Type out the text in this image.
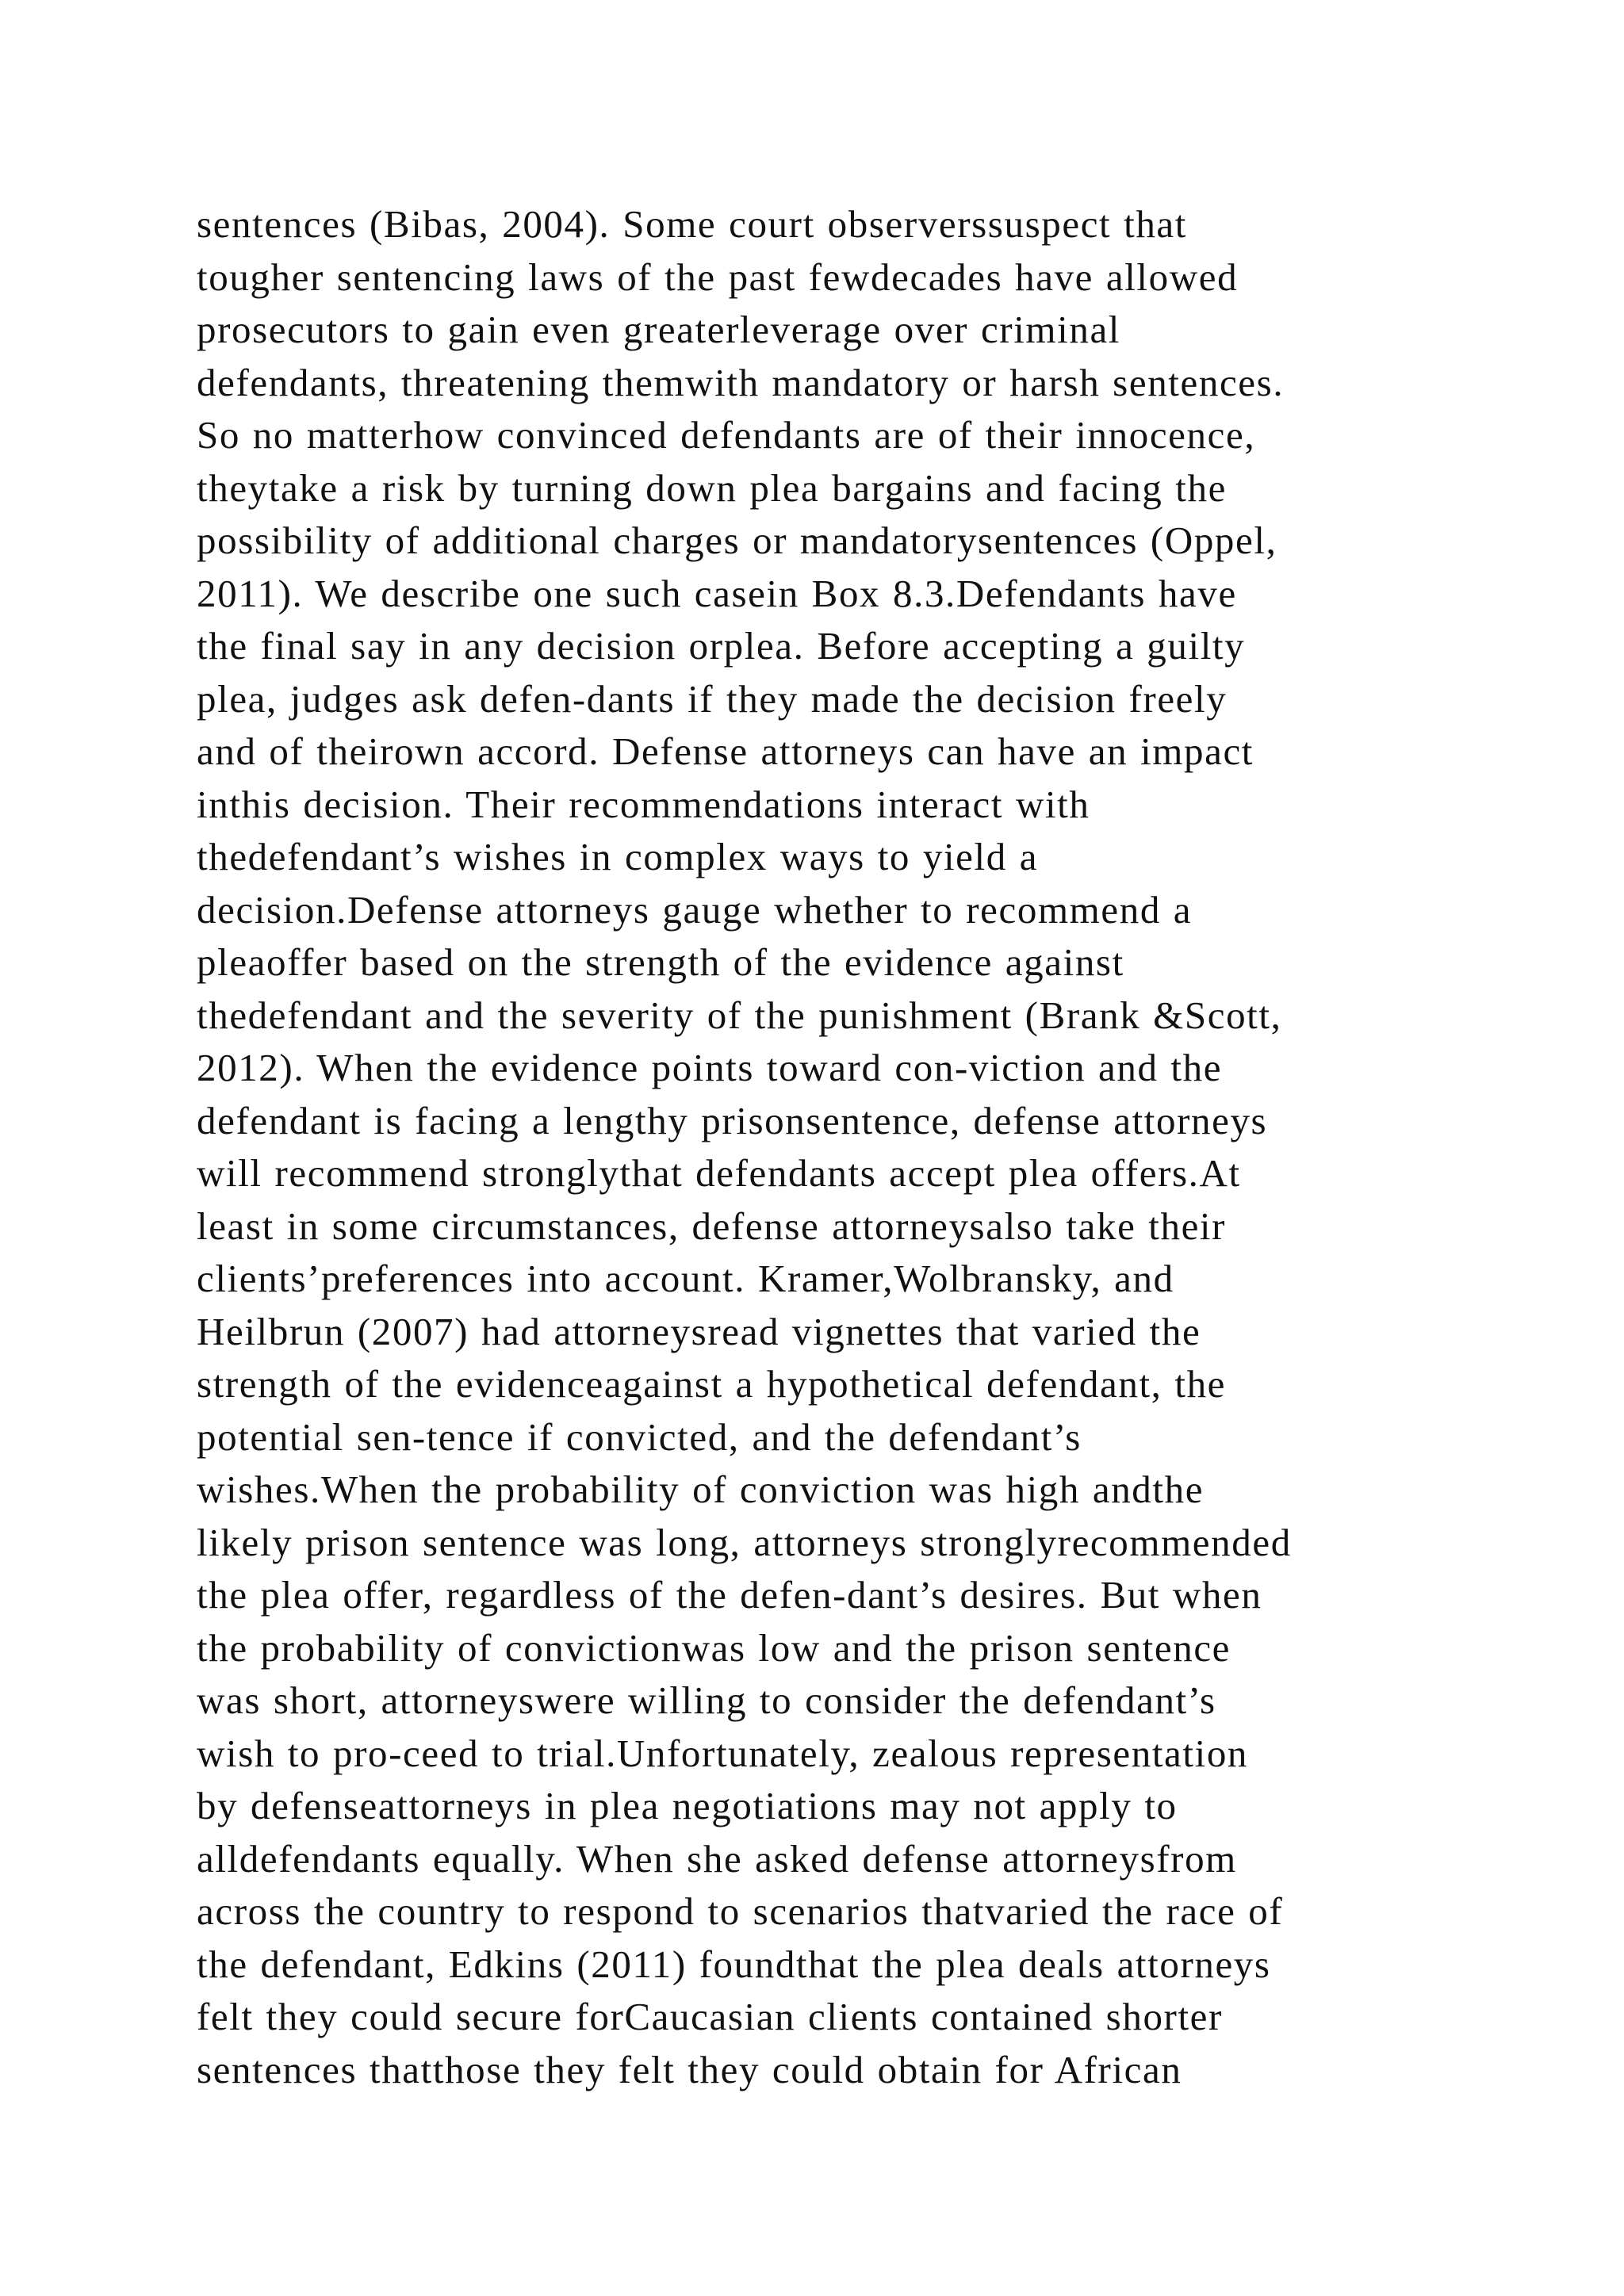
sentences (Bibas, 2004). Some court observerssuspect that
tougher sentencing laws of the past fewdecades have allowed
prosecutors to gain even greaterleverage over criminal
defendants, threatening themwith mandatory or harsh sentences.
So no matterhow convinced defendants are of their innocence,
theytake a risk by turning down plea bargains and facing the
possibility of additional charges or mandatorysentences (Oppel,
2011). We describe one such casein Box 8.3.Defendants have
the final say in any decision orplea. Before accepting a guilty
plea, judges ask defen-dants if they made the decision freely
and of theirown accord. Defense attorneys can have an impact
inthis decision. Their recommendations interact with
thedefendant’s wishes in complex ways to yield a
decision.Defense attorneys gauge whether to recommend a
pleaoffer based on the strength of the evidence against
thedefendant and the severity of the punishment (Brank &Scott,
2012). When the evidence points toward con-viction and the
defendant is facing a lengthy prisonsentence, defense attorneys
will recommend stronglythat defendants accept plea offers.At
least in some circumstances, defense attorneysalso take their
clients’preferences into account. Kramer,Wolbransky, and
Heilbrun (2007) had attorneysread vignettes that varied the
strength of the evidenceagainst a hypothetical defendant, the
potential sen-tence if convicted, and the defendant’s
wishes.When the probability of conviction was high andthe
likely prison sentence was long, attorneys stronglyrecommended
the plea offer, regardless of the defen-dant’s desires. But when
the probability of convictionwas low and the prison sentence
was short, attorneyswere willing to consider the defendant’s
wish to pro-ceed to trial.Unfortunately, zealous representation
by defenseattorneys in plea negotiations may not apply to
alldefendants equally. When she asked defense attorneysfrom
across the country to respond to scenarios thatvaried the race of
the defendant, Edkins (2011) foundthat the plea deals attorneys
felt they could secure forCaucasian clients contained shorter
sentences thatthose they felt they could obtain for African
